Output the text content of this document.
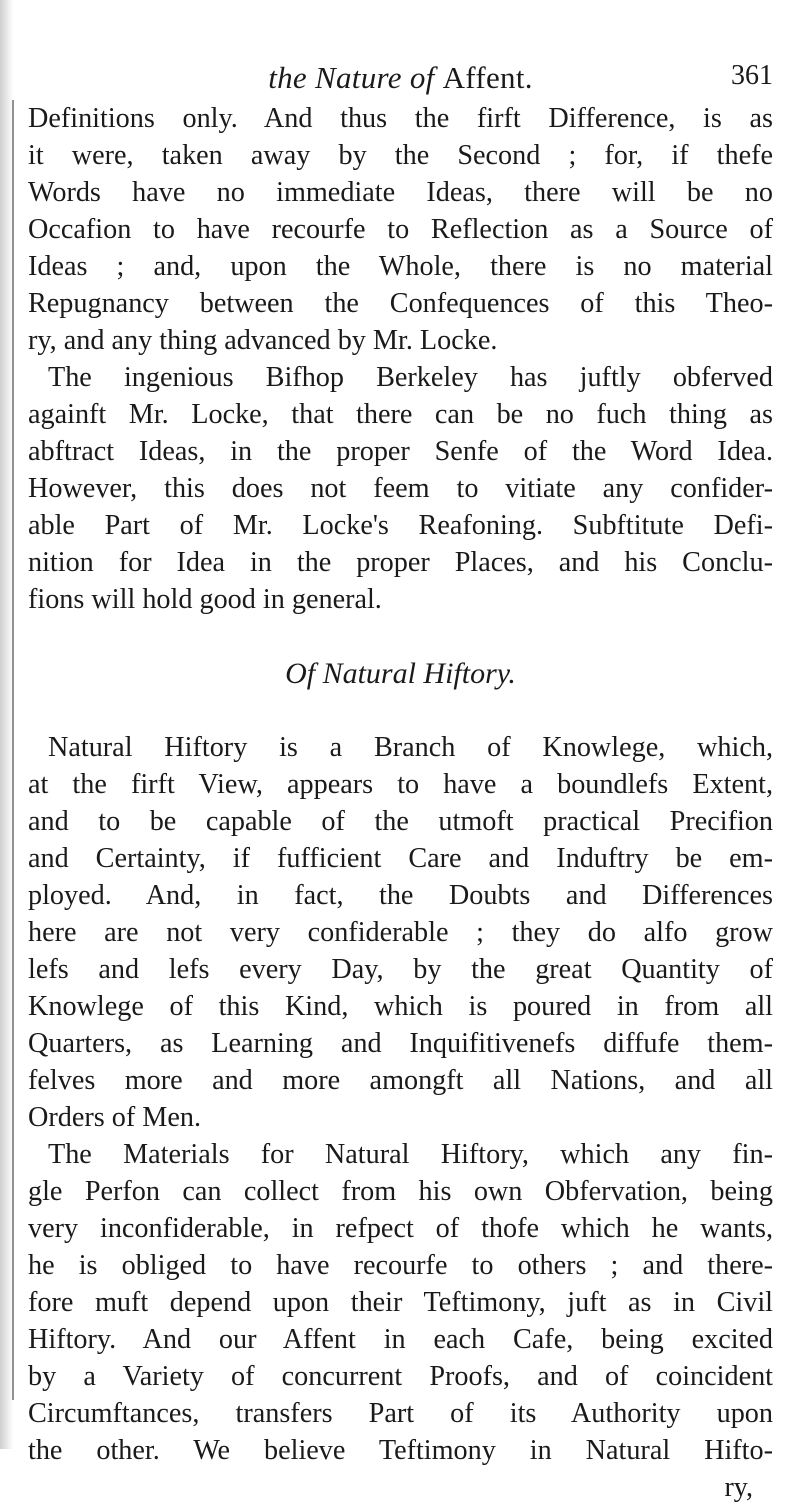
the Nature of Affent.	361
Definitions only. And thus the firft Difference, is as
it were, taken away by the Second ; for, if thefe
Words have no immediate Ideas, there will be no
Occafion to have recourfe to Reflection as a Source of
Ideas ; and, upon the Whole, there is no material
Repugnancy between the Confequences of this Theo-
ry, and any thing advanced by Mr. Locke.
The ingenious Bifhop Berkeley has juftly obferved
againft Mr. Locke, that there can be no fuch thing as
abftract Ideas, in the proper Senfe of the Word Idea.
However, this does not feem to vitiate any confider-
able Part of Mr. Locke's Reafoning. Subftitute Defi-
nition for Idea in the proper Places, and his Conclu-
fions will hold good in general.
Of Natural Hiftory.
Natural Hiftory is a Branch of Knowlege, which,
at the firft View, appears to have a boundlefs Extent,
and to be capable of the utmoft practical Precifion
and Certainty, if fufficient Care and Induftry be em-
ployed. And, in fact, the Doubts and Differences
here are not very confiderable ; they do alfo grow
lefs and lefs every Day, by the great Quantity of
Knowlege of this Kind, which is poured in from all
Quarters, as Learning and Inquifitivenefs diffufe them-
felves more and more amongft all Nations, and all
Orders of Men.
The Materials for Natural Hiftory, which any fin-
gle Perfon can collect from his own Obfervation, being
very inconfiderable, in refpect of thofe which he wants,
he is obliged to have recourfe to others ; and there-
fore muft depend upon their Teftimony, juft as in Civil
Hiftory. And our Affent in each Cafe, being excited
by a Variety of concurrent Proofs, and of coincident
Circumftances, transfers Part of its Authority upon
the other. We believe Teftimony in Natural Hifto-
ry,
